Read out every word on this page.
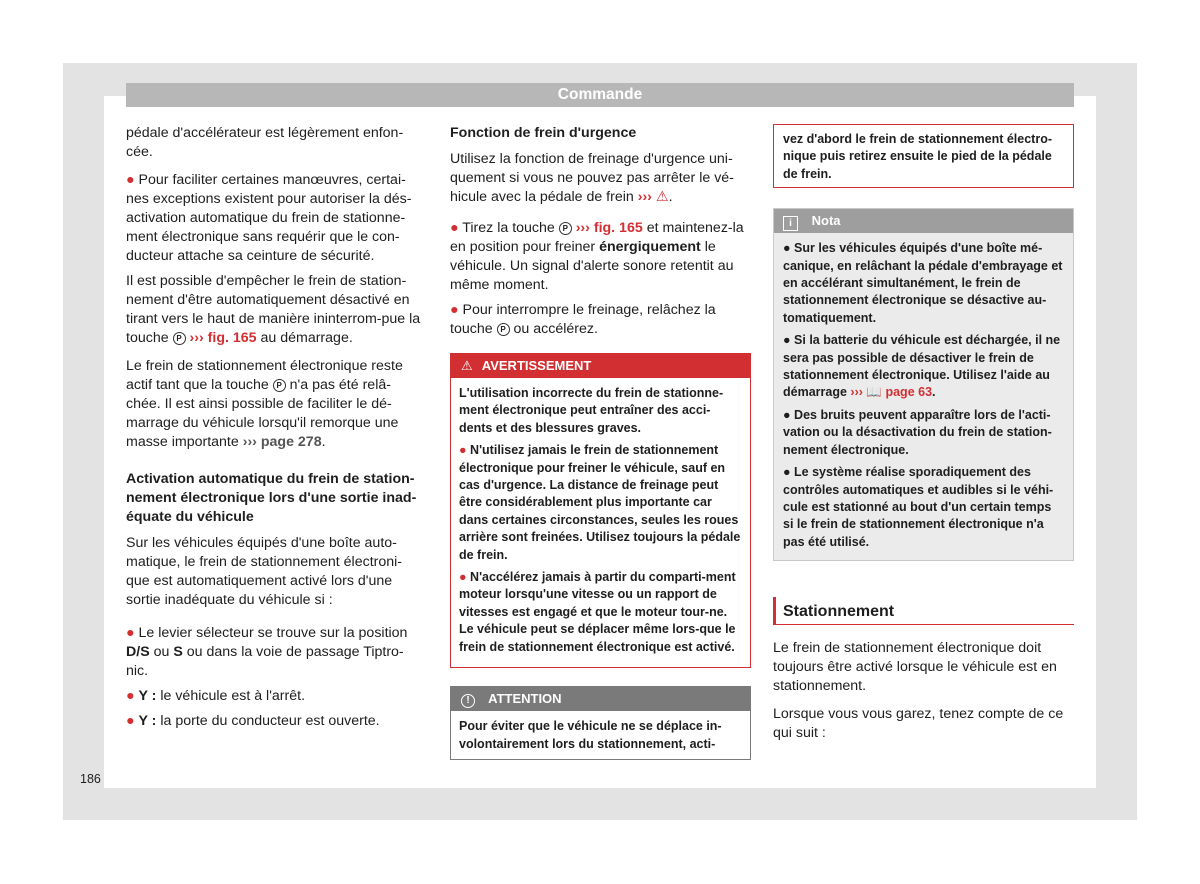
Commande

pédale d'accélérateur est légèrement enfon-cée.

● Pour faciliter certaines manœuvres, certai-nes exceptions existent pour autoriser la dés-activation automatique du frein de stationne-ment électronique sans requérir que le con-ducteur attache sa ceinture de sécurité.

Il est possible d'empêcher le frein de station-nement d'être automatiquement désactivé en tirant vers le haut de manière ininterrom-pue la touche P ››› fig. 165 au démarrage.

Le frein de stationnement électronique reste actif tant que la touche P n'a pas été relâ-chée. Il est ainsi possible de faciliter le dé-marrage du véhicule lorsqu'il remorque une masse importante ››› page 278.

Activation automatique du frein de station-nement électronique lors d'une sortie inad-équate du véhicule

Sur les véhicules équipés d'une boîte auto-matique, le frein de stationnement électroni-que est automatiquement activé lors d'une sortie inadéquate du véhicule si :

● Le levier sélecteur se trouve sur la position D/S ou S ou dans la voie de passage Tiptro-nic.

● Y : le véhicule est à l'arrêt.

● Y : la porte du conducteur est ouverte.

Fonction de frein d'urgence

Utilisez la fonction de freinage d'urgence uni-quement si vous ne pouvez pas arrêter le vé-hicule avec la pédale de frein ››› ⚠.

● Tirez la touche P ››› fig. 165 et maintenez-la en position pour freiner énergiquement le véhicule. Un signal d'alerte sonore retentit au même moment.

● Pour interrompre le freinage, relâchez la touche P ou accélérez.

⚠ AVERTISSEMENT

L'utilisation incorrecte du frein de stationne-ment électronique peut entraîner des acci-dents et des blessures graves.

● N'utilisez jamais le frein de stationnement électronique pour freiner le véhicule, sauf en cas d'urgence. La distance de freinage peut être considérablement plus importante car dans certaines circonstances, seules les roues arrière sont freinées. Utilisez toujours la pédale de frein.

● N'accélérez jamais à partir du comparti-ment moteur lorsqu'une vitesse ou un rapport de vitesses est engagé et que le moteur tour-ne. Le véhicule peut se déplacer même lors-que le frein de stationnement électronique est activé.

! ATTENTION
Pour éviter que le véhicule ne se déplace in-volontairement lors du stationnement, acti-
vez d'abord le frein de stationnement électro-nique puis retirez ensuite le pied de la pédale de frein.
i Nota

● Sur les véhicules équipés d'une boîte mé-canique, en relâchant la pédale d'embrayage et en accélérant simultanément, le frein de stationnement électronique se désactive au-tomatiquement.

● Si la batterie du véhicule est déchargée, il ne sera pas possible de désactiver le frein de stationnement électronique. Utilisez l'aide au démarrage ››› 📖 page 63.

● Des bruits peuvent apparaître lors de l'acti-vation ou la désactivation du frein de station-nement électronique.

● Le système réalise sporadiquement des contrôles automatiques et audibles si le véhi-cule est stationné au bout d'un certain temps si le frein de stationnement électronique n'a pas été utilisé.

Stationnement

Le frein de stationnement électronique doit toujours être activé lorsque le véhicule est en stationnement.

Lorsque vous vous garez, tenez compte de ce qui suit :

186
